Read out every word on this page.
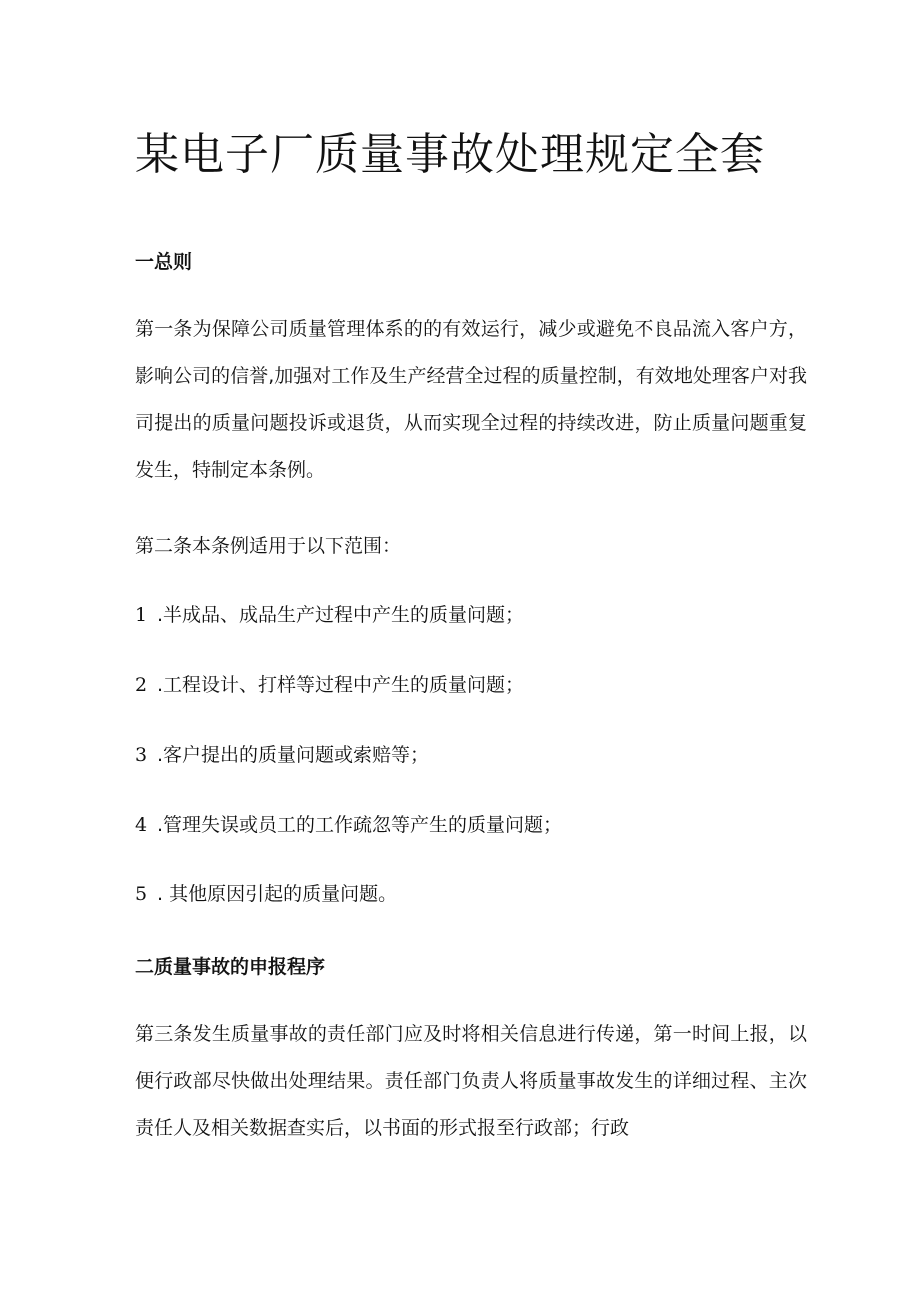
某电子厂质量事故处理规定全套
一总则

第一条为保障公司质量管理体系的的有效运行，减少或避免不良品流入客户方，影响公司的信誉,加强对工作及生产经营全过程的质量控制，有效地处理客户对我司提出的质量问题投诉或退货，从而实现全过程的持续改进，防止质量问题重复发生，特制定本条例。

第二条本条例适用于以下范围：

1 .半成品、成品生产过程中产生的质量问题；

2 .工程设计、打样等过程中产生的质量问题；

3 .客户提出的质量问题或索赔等；

4 .管理失误或员工的工作疏忽等产生的质量问题；

5 . 其他原因引起的质量问题。

二质量事故的申报程序

第三条发生质量事故的责任部门应及时将相关信息进行传递，第一时间上报，以便行政部尽快做出处理结果。责任部门负责人将质量事故发生的详细过程、主次责任人及相关数据查实后，以书面的形式报至行政部；行政
